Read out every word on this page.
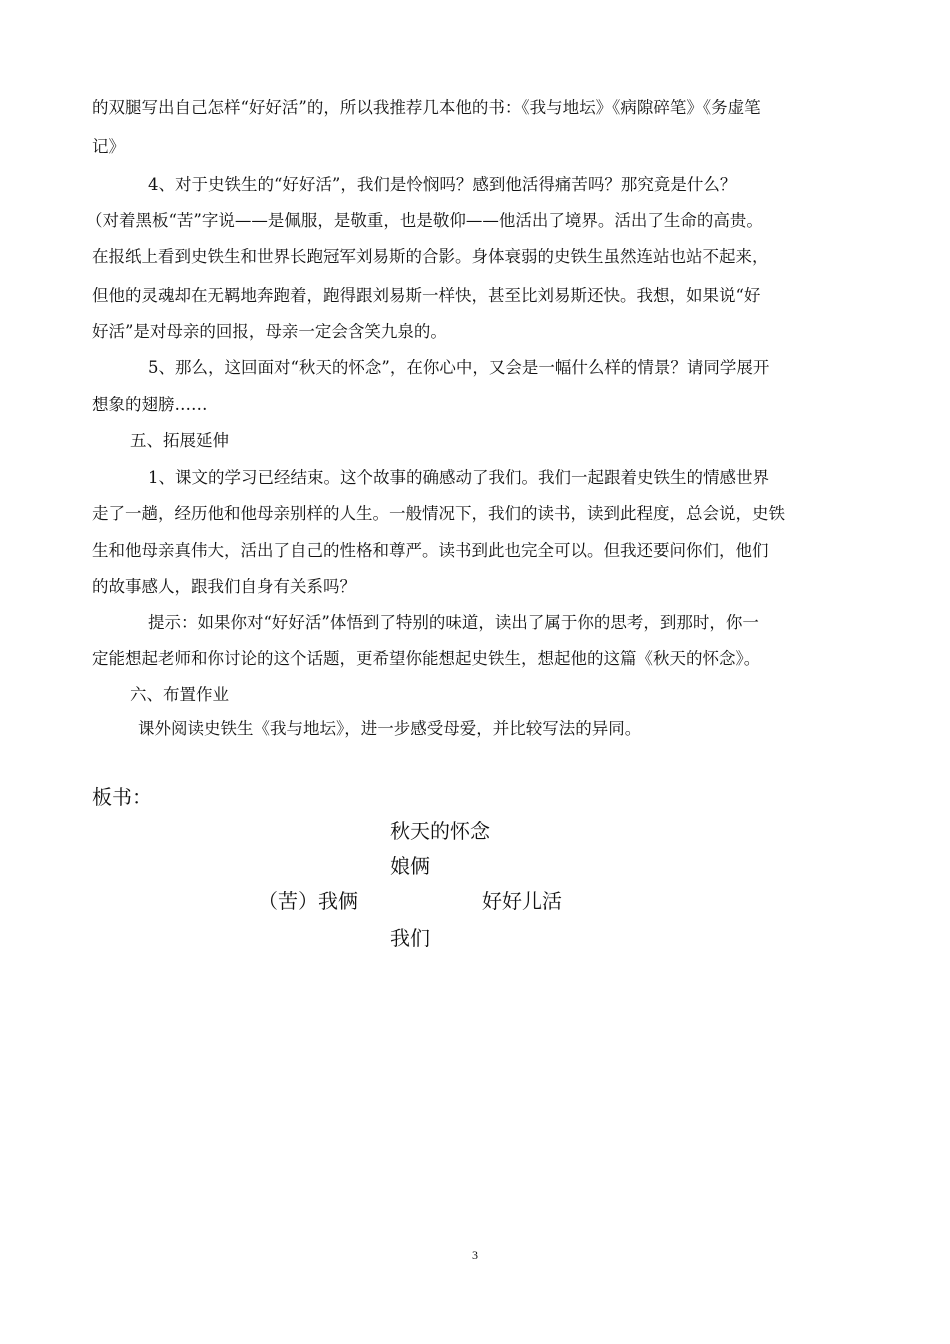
的双腿写出自己怎样“好好活”的，所以我推荐几本他的书：《我与地坛》《病隙碎笔》《务虚笔
记》
4、对于史铁生的“好好活”，我们是怜悯吗？感到他活得痛苦吗？那究竟是什么？
（对着黑板“苦”字说——是佩服，是敬重，也是敬仰——他活出了境界。活出了生命的高贵。
在报纸上看到史铁生和世界长跑冠军刘易斯的合影。身体衰弱的史铁生虽然连站也站不起来，
但他的灵魂却在无羁地奔跑着，跑得跟刘易斯一样快，甚至比刘易斯还快。我想，如果说“好
好活”是对母亲的回报，母亲一定会含笑九泉的。
5、那么，这回面对“秋天的怀念”，在你心中，又会是一幅什么样的情景？请同学展开
想象的翅膀……
五、拓展延伸
1、课文的学习已经结束。这个故事的确感动了我们。我们一起跟着史铁生的情感世界
走了一趟，经历他和他母亲别样的人生。一般情况下，我们的读书，读到此程度，总会说，史铁
生和他母亲真伟大，活出了自己的性格和尊严。读书到此也完全可以。但我还要问你们，他们
的故事感人，跟我们自身有关系吗？
提示：如果你对“好好活”体悟到了特别的味道，读出了属于你的思考，到那时，你一
定能想起老师和你讨论的这个话题，更希望你能想起史铁生，想起他的这篇《秋天的怀念》。
六、布置作业
课外阅读史铁生《我与地坛》，进一步感受母爱，并比较写法的异同。
板书：
秋天的怀念
娘俩
（苦）我俩	好好儿活
我们
3
